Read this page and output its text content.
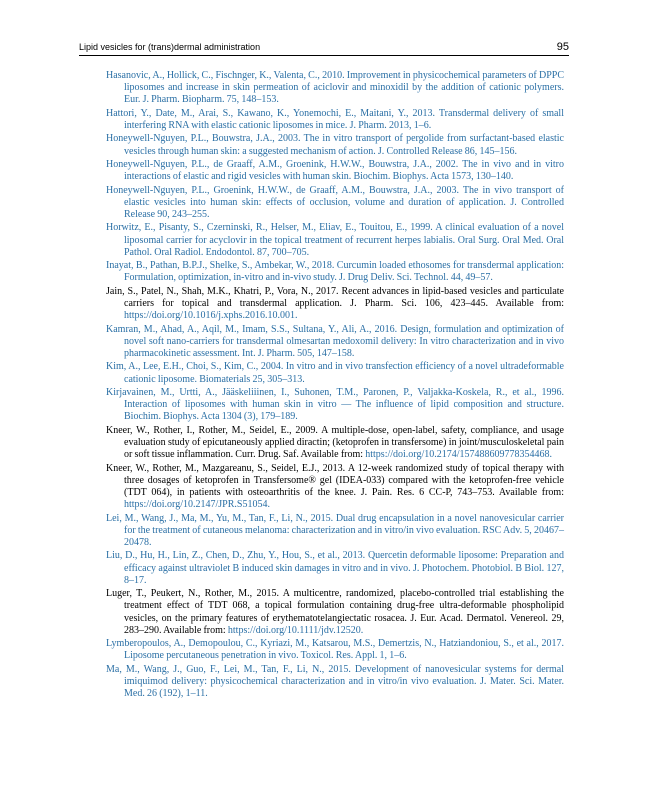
Lipid vesicles for (trans)dermal administration	95
Hasanovic, A., Hollick, C., Fischnger, K., Valenta, C., 2010. Improvement in physicochemical parameters of DPPC liposomes and increase in skin permeation of aciclovir and minoxidil by the addition of cationic polymers. Eur. J. Pharm. Biopharm. 75, 148–153.
Hattori, Y., Date, M., Arai, S., Kawano, K., Yonemochi, E., Maitani, Y., 2013. Transdermal delivery of small interfering RNA with elastic cationic liposomes in mice. J. Pharm. 2013, 1–6.
Honeywell-Nguyen, P.L., Bouwstra, J.A., 2003. The in vitro transport of pergolide from surfactant-based elastic vesicles through human skin: a suggested mechanism of action. J. Controlled Release 86, 145–156.
Honeywell-Nguyen, P.L., de Graaff, A.M., Groenink, H.W.W., Bouwstra, J.A., 2002. The in vivo and in vitro interactions of elastic and rigid vesicles with human skin. Biochim. Biophys. Acta 1573, 130–140.
Honeywell-Nguyen, P.L., Groenink, H.W.W., de Graaff, A.M., Bouwstra, J.A., 2003. The in vivo transport of elastic vesicles into human skin: effects of occlusion, volume and duration of application. J. Controlled Release 90, 243–255.
Horwitz, E., Pisanty, S., Czerninski, R., Helser, M., Eliav, E., Touitou, E., 1999. A clinical evaluation of a novel liposomal carrier for acyclovir in the topical treatment of recurrent herpes labialis. Oral Surg. Oral Med. Oral Pathol. Oral Radiol. Endodontol. 87, 700–705.
Inayat, B., Pathan, B.P.J., Shelke, S., Ambekar, W., 2018. Curcumin loaded ethosomes for transdermal application: Formulation, optimization, in-vitro and in-vivo study. J. Drug Deliv. Sci. Technol. 44, 49–57.
Jain, S., Patel, N., Shah, M.K., Khatri, P., Vora, N., 2017. Recent advances in lipid-based vesicles and particulate carriers for topical and transdermal application. J. Pharm. Sci. 106, 423–445. Available from: https://doi.org/10.1016/j.xphs.2016.10.001.
Kamran, M., Ahad, A., Aqil, M., Imam, S.S., Sultana, Y., Ali, A., 2016. Design, formulation and optimization of novel soft nano-carriers for transdermal olmesartan medoxomil delivery: In vitro characterization and in vivo pharmacokinetic assessment. Int. J. Pharm. 505, 147–158.
Kim, A., Lee, E.H., Choi, S., Kim, C., 2004. In vitro and in vivo transfection efficiency of a novel ultradeformable cationic liposome. Biomaterials 25, 305–313.
Kirjavainen, M., Urtti, A., Jääskeliiinen, I., Suhonen, T.M., Paronen, P., Valjakka-Koskela, R., et al., 1996. Interaction of liposomes with human skin in vitro — The influence of lipid composition and structure. Biochim. Biophys. Acta 1304 (3), 179–189.
Kneer, W., Rother, I., Rother, M., Seidel, E., 2009. A multiple-dose, open-label, safety, compliance, and usage evaluation study of epicutaneously applied diractin; (ketoprofen in transfersome) in joint/musculoskeletal pain or soft tissue inflammation. Curr. Drug. Saf. Available from: https://doi.org/10.2174/157488609778354468.
Kneer, W., Rother, M., Mazgareanu, S., Seidel, E.J., 2013. A 12-week randomized study of topical therapy with three dosages of ketoprofen in Transfersome® gel (IDEA-033) compared with the ketoprofen-free vehicle (TDT 064), in patients with osteoarthritis of the knee. J. Pain. Res. 6 CC-P, 743–753. Available from: https://doi.org/10.2147/JPR.S51054.
Lei, M., Wang, J., Ma, M., Yu, M., Tan, F., Li, N., 2015. Dual drug encapsulation in a novel nanovesicular carrier for the treatment of cutaneous melanoma: characterization and in vitro/in vivo evaluation. RSC Adv. 5, 20467–20478.
Liu, D., Hu, H., Lin, Z., Chen, D., Zhu, Y., Hou, S., et al., 2013. Quercetin deformable liposome: Preparation and efficacy against ultraviolet B induced skin damages in vitro and in vivo. J. Photochem. Photobiol. B Biol. 127, 8–17.
Luger, T., Peukert, N., Rother, M., 2015. A multicentre, randomized, placebo-controlled trial establishing the treatment effect of TDT 068, a topical formulation containing drug-free ultra-deformable phospholipid vesicles, on the primary features of erythematotelangiectatic rosacea. J. Eur. Acad. Dermatol. Venereol. 29, 283–290. Available from: https://doi.org/10.1111/jdv.12520.
Lymberopoulos, A., Demopoulou, C., Kyriazi, M., Katsarou, M.S., Demertzis, N., Hatziandoniou, S., et al., 2017. Liposome percutaneous penetration in vivo. Toxicol. Res. Appl. 1, 1–6.
Ma, M., Wang, J., Guo, F., Lei, M., Tan, F., Li, N., 2015. Development of nanovesicular systems for dermal imiquimod delivery: physicochemical characterization and in vitro/in vivo evaluation. J. Mater. Sci. Mater. Med. 26 (192), 1–11.
